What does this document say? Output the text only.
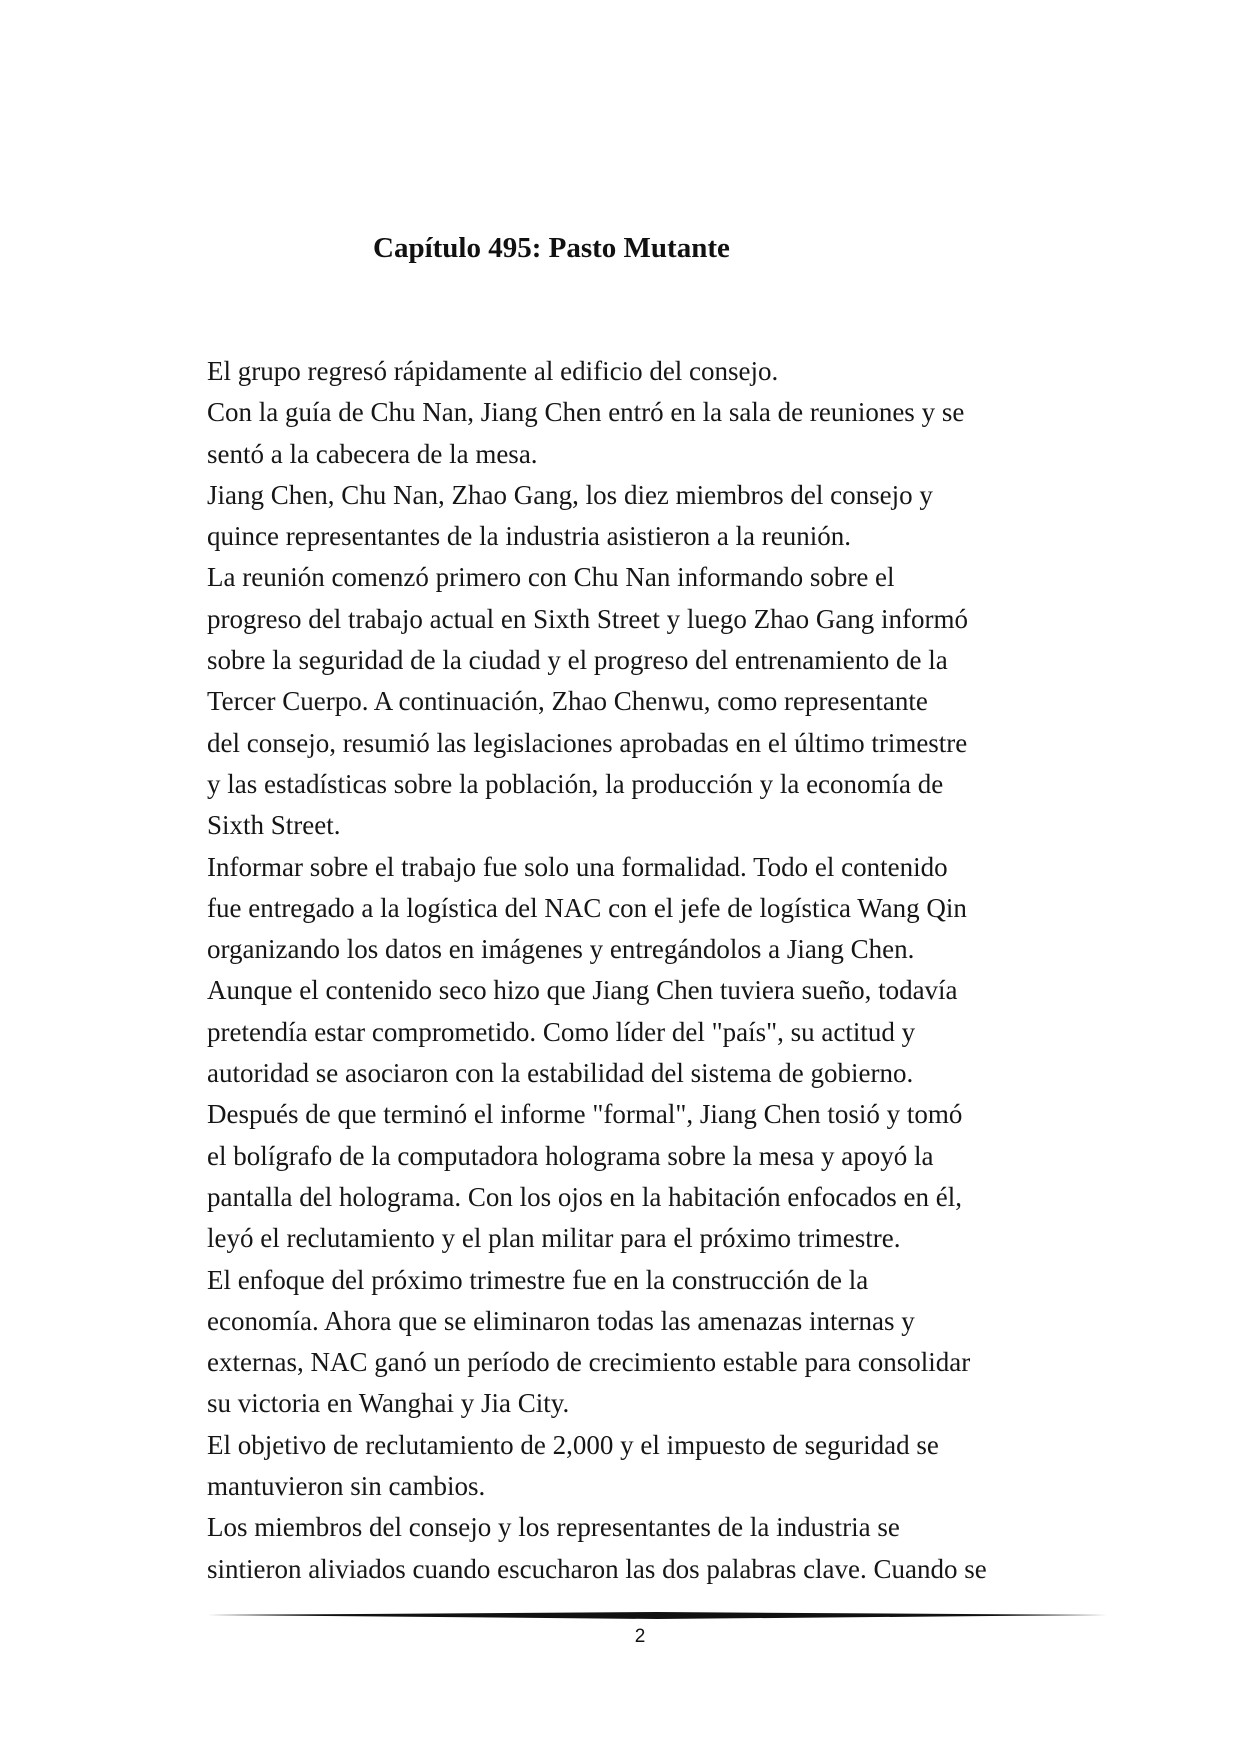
Capítulo 495: Pasto Mutante
El grupo regresó rápidamente al edificio del consejo.
Con la guía de Chu Nan, Jiang Chen entró en la sala de reuniones y se
sentó a la cabecera de la mesa.
Jiang Chen, Chu Nan, Zhao Gang, los diez miembros del consejo y
quince representantes de la industria asistieron a la reunión.
La reunión comenzó primero con Chu Nan informando sobre el
progreso del trabajo actual en Sixth Street y luego Zhao Gang informó
sobre la seguridad de la ciudad y el progreso del entrenamiento de la
Tercer Cuerpo. A continuación, Zhao Chenwu, como representante
del consejo, resumió las legislaciones aprobadas en el último trimestre
y las estadísticas sobre la población, la producción y la economía de
Sixth Street.
Informar sobre el trabajo fue solo una formalidad. Todo el contenido
fue entregado a la logística del NAC con el jefe de logística Wang Qin
organizando los datos en imágenes y entregándolos a Jiang Chen.
Aunque el contenido seco hizo que Jiang Chen tuviera sueño, todavía
pretendía estar comprometido. Como líder del "país", su actitud y
autoridad se asociaron con la estabilidad del sistema de gobierno.
Después de que terminó el informe "formal", Jiang Chen tosió y tomó
el bolígrafo de la computadora holograma sobre la mesa y apoyó la
pantalla del holograma. Con los ojos en la habitación enfocados en él,
leyó el reclutamiento y el plan militar para el próximo trimestre.
El enfoque del próximo trimestre fue en la construcción de la
economía. Ahora que se eliminaron todas las amenazas internas y
externas, NAC ganó un período de crecimiento estable para consolidar
su victoria en Wanghai y Jia City.
El objetivo de reclutamiento de 2,000 y el impuesto de seguridad se
mantuvieron sin cambios.
Los miembros del consejo y los representantes de la industria se
sintieron aliviados cuando escucharon las dos palabras clave. Cuando se

2
